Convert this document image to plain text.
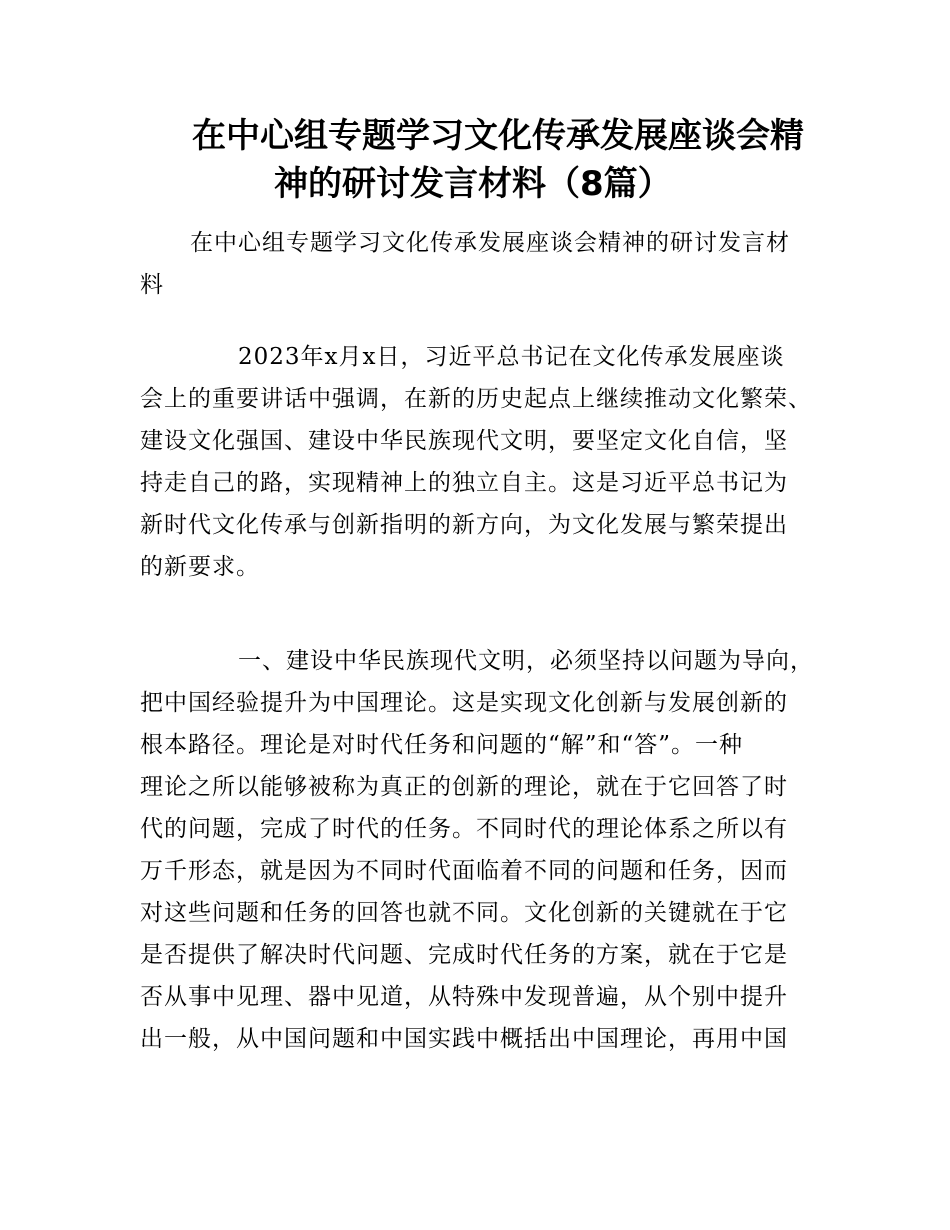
在中心组专题学习文化传承发展座谈会精
神的研讨发言材料（8篇）
在中心组专题学习文化传承发展座谈会精神的研讨发言材
料
2023年x月x日，习近平总书记在文化传承发展座谈
会上的重要讲话中强调，在新的历史起点上继续推动文化繁荣、
建设文化强国、建设中华民族现代文明，要坚定文化自信，坚
持走自己的路，实现精神上的独立自主。这是习近平总书记为
新时代文化传承与创新指明的新方向，为文化发展与繁荣提出
的新要求。
一、建设中华民族现代文明，必须坚持以问题为导向，
把中国经验提升为中国理论。这是实现文化创新与发展创新的
根本路径。理论是对时代任务和问题的“解”和“答”。一种
理论之所以能够被称为真正的创新的理论，就在于它回答了时
代的问题，完成了时代的任务。不同时代的理论体系之所以有
万千形态，就是因为不同时代面临着不同的问题和任务，因而
对这些问题和任务的回答也就不同。文化创新的关键就在于它
是否提供了解决时代问题、完成时代任务的方案，就在于它是
否从事中见理、器中见道，从特殊中发现普遍，从个别中提升
出一般，从中国问题和中国实践中概括出中国理论，再用中国
